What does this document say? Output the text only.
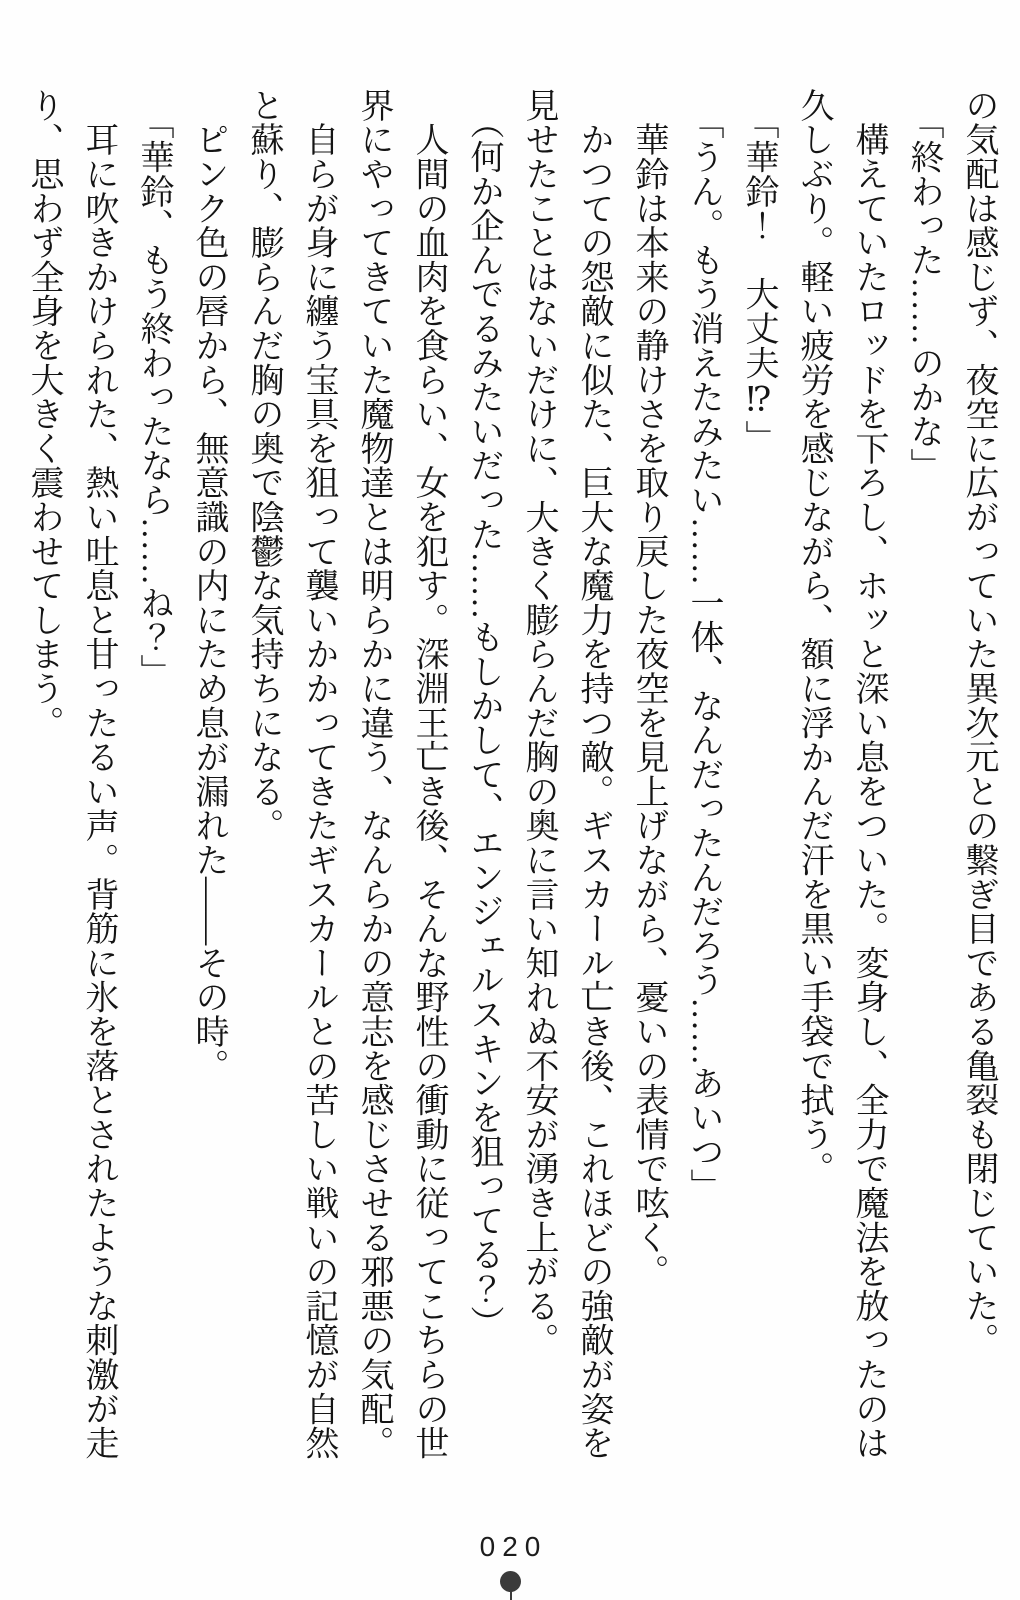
の気配は感じず、夜空に広がっていた異次元との繋ぎ目である亀裂も閉じていた。

　「終わった……のかな」

　構えていたロッドを下ろし、ホッと深い息をついた。変身し、全力で魔法を放ったのは

久しぶり。軽い疲労を感じながら、額に浮かんだ汗を黒い手袋で拭う。

　「華鈴！　大丈夫⁉」

　「うん。もう消えたみたい……一体、なんだったんだろう……あいつ」

　華鈴は本来の静けさを取り戻した夜空を見上げながら、憂いの表情で呟く。

　かつての怨敵に似た、巨大な魔力を持つ敵。ギスカール亡き後、これほどの強敵が姿を

見せたことはないだけに、大きく膨らんだ胸の奥に言い知れぬ不安が湧き上がる。

　（何か企んでるみたいだった……もしかして、エンジェルスキンを狙ってる？）

　人間の血肉を食らい、女を犯す。深淵王亡き後、そんな野性の衝動に従ってこちらの世

界にやってきていた魔物達とは明らかに違う、なんらかの意志を感じさせる邪悪の気配。

　自らが身に纏う宝具を狙って襲いかかってきたギスカールとの苦しい戦いの記憶が自然

と蘇り、膨らんだ胸の奥で陰鬱な気持ちになる。

　ピンク色の唇から、無意識の内にため息が漏れた——その時。

　「華鈴、もう終わったなら……ね？」

　耳に吹きかけられた、熱い吐息と甘ったるい声。背筋に氷を落とされたような刺激が走

り、思わず全身を大きく震わせてしまう。

020
